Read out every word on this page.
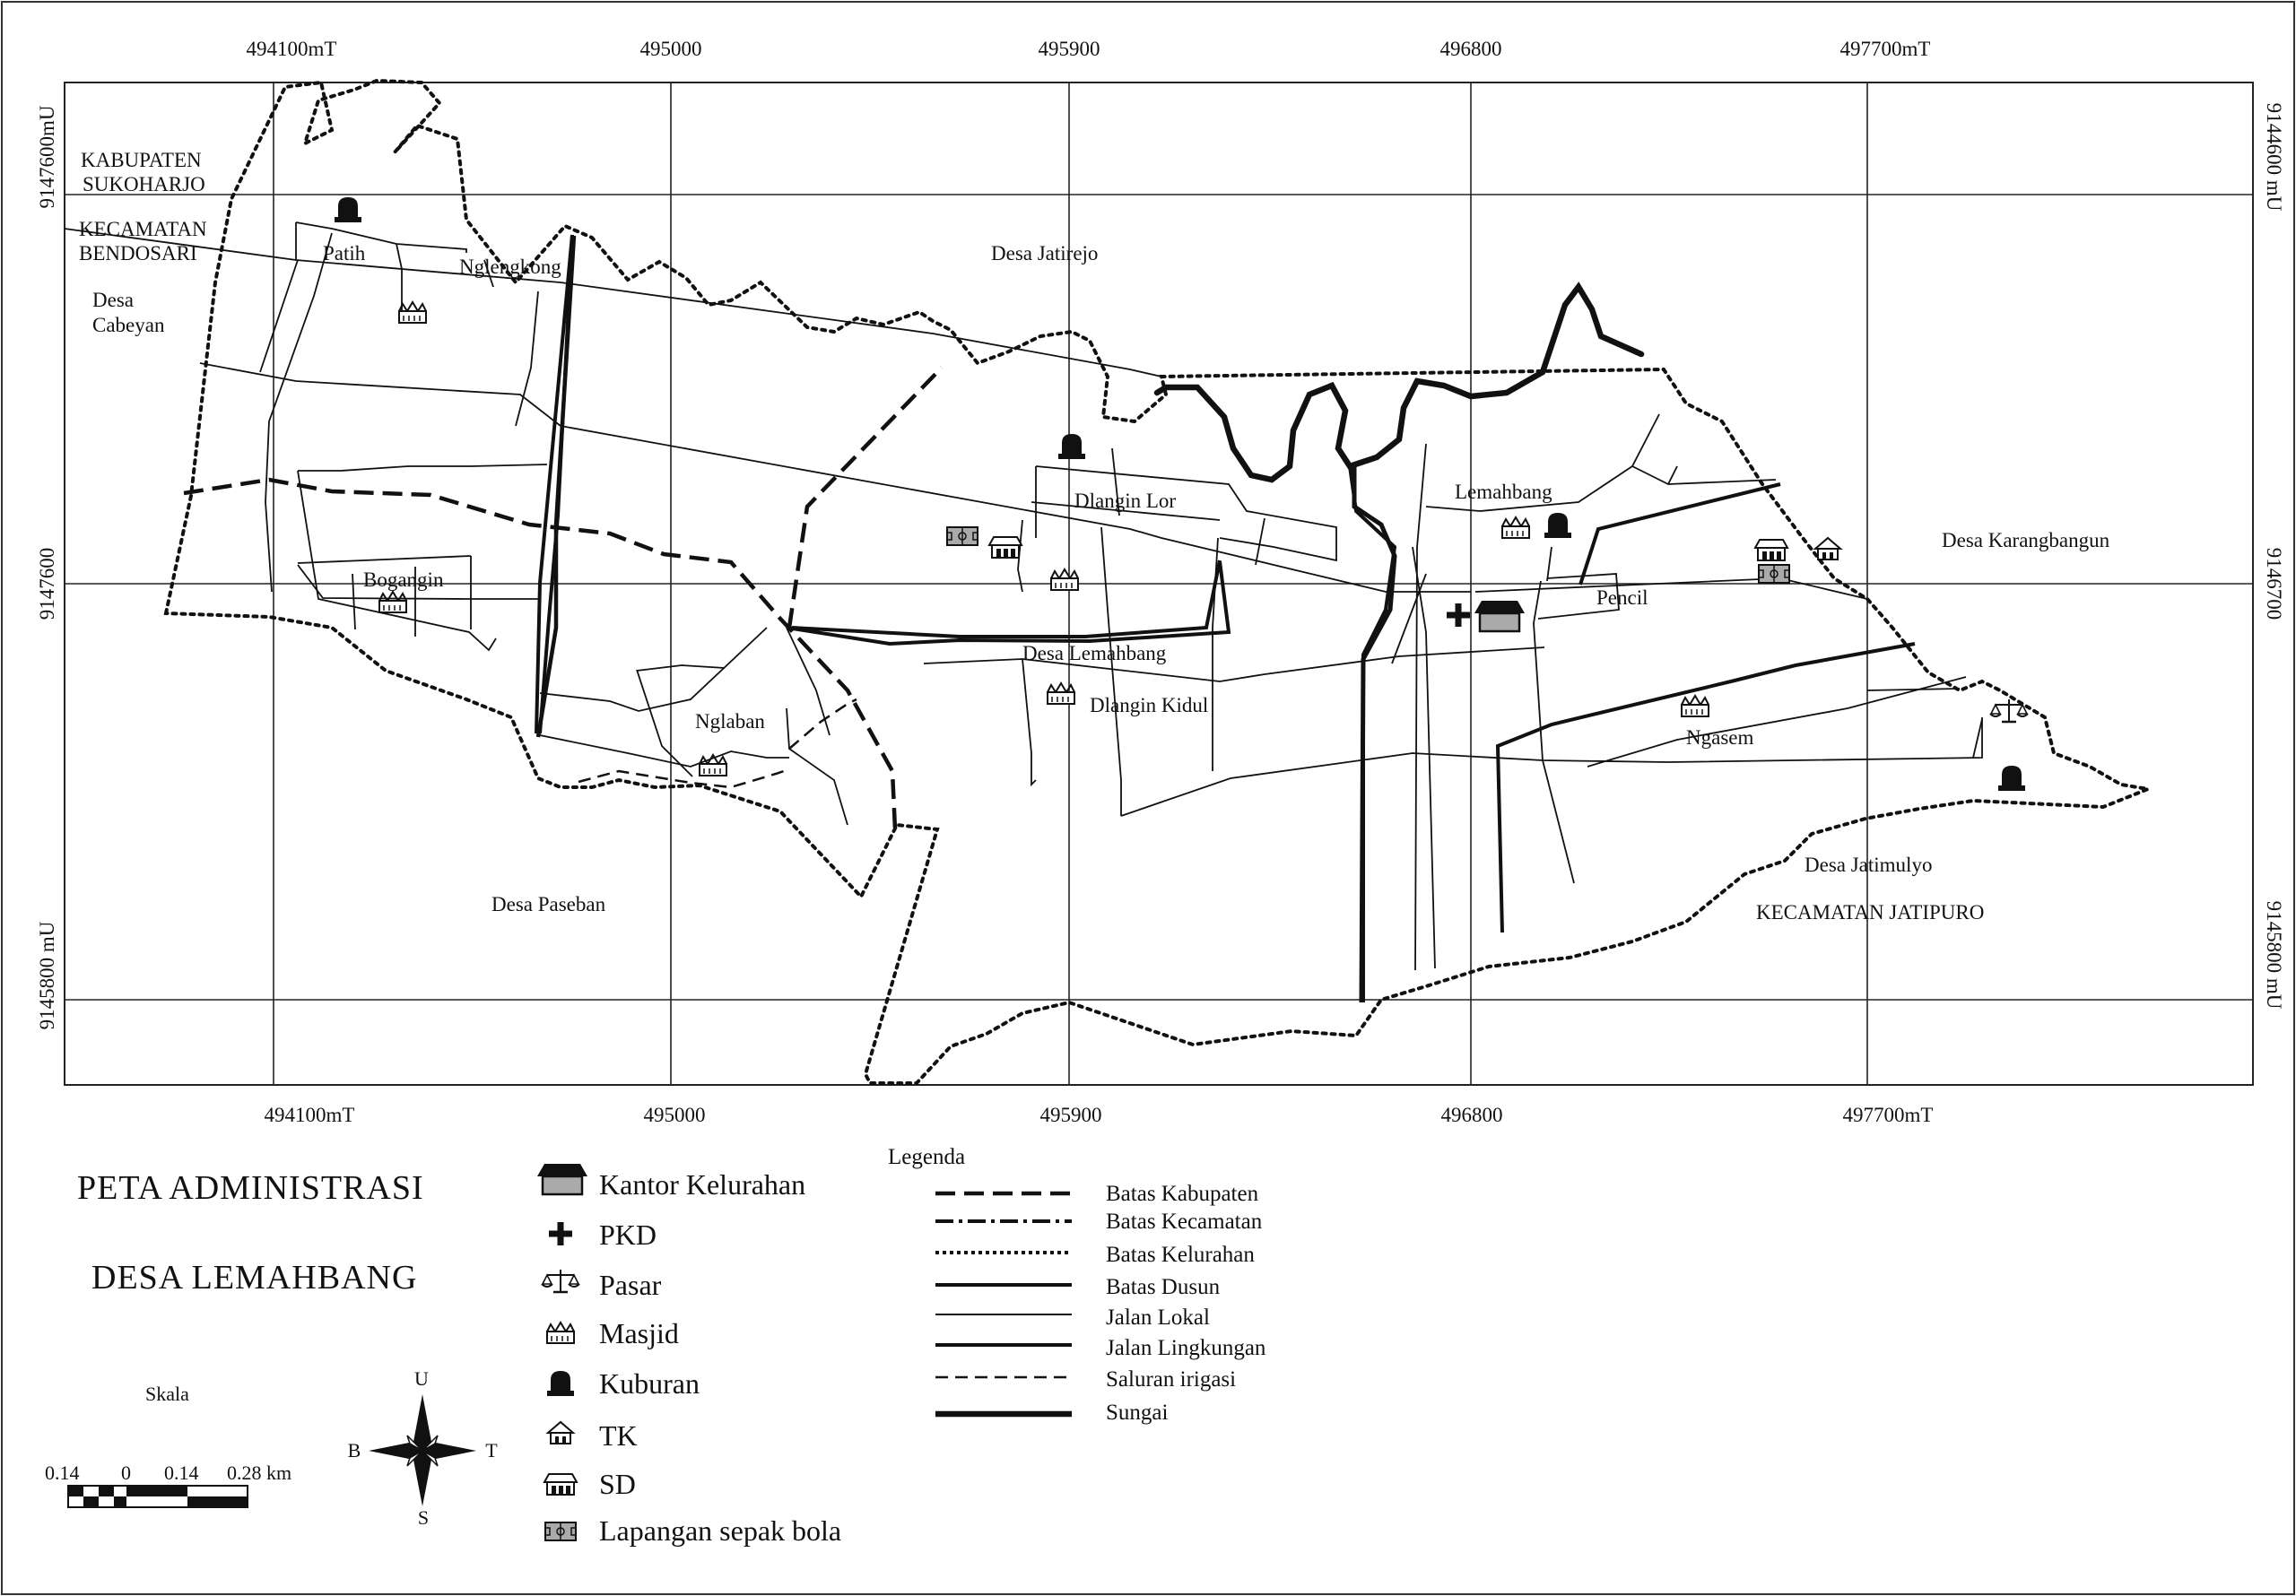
494100mT	495000	495900	496800	497700mT
494100mT	495000	495900	496800	497700mT
9147600mU
9147600
9145800 mU
9144600 mU
9146700
9145800 mU
KABUPATEN
SUKOHARJO
KECAMATAN
BENDOSARI
Desa
Cabeyan
Patih
Nglengkong
Desa Jatirejo
Dlangin Lor	Lemahbang
Desa Karangbangun
Bogangin
Pencil
Desa Lemahbang
Dlangin Kidul
Nglaban
Ngasem
Desa Paseban
Desa Jatimulyo
KECAMATAN JATIPURO
PETA ADMINISTRASI
DESA LEMAHBANG
Kantor Kelurahan
PKD
Pasar
Masjid
Kuburan
TK
SD
Lapangan sepak bola
Legenda
Batas Kabupaten
Batas Kecamatan
Batas Kelurahan
Batas Dusun
Jalan Lokal
Jalan Lingkungan
Saluran irigasi
Sungai
Skala
0.14 0 0.14 0.28 km
U
S
B	T
